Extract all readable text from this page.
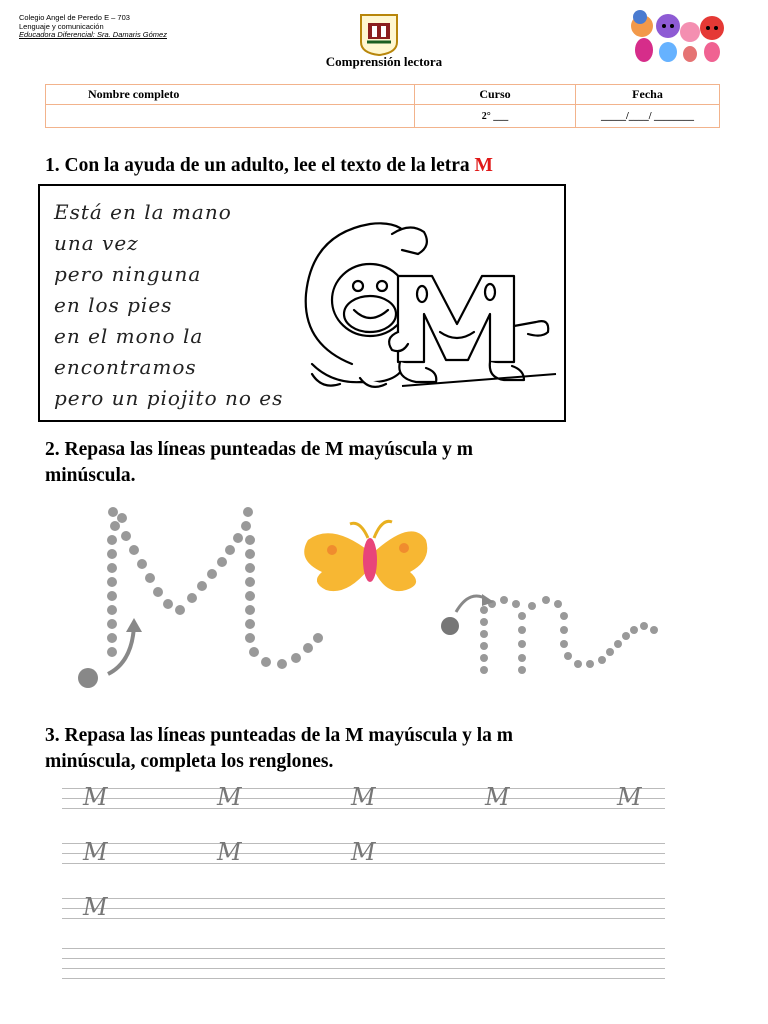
Colegio Angel de Peredo E – 703
Lenguaje y comunicación
Educadora Diferencial: Sra. Damaris Gómez
Comprensión lectora
Nombre completo	Curso	Fecha
	2° ___	_____/____/ ________
1. Con la ayuda de un adulto, lee el texto de la letra M
Está en la mano
una vez
pero ninguna
en los pies
en el mono la
encontramos
pero un piojito no es
2. Repasa las líneas punteadas de M mayúscula y m
minúscula.
3. Repasa las líneas punteadas de la M mayúscula y la m
minúscula, completa los renglones.
M	M	M	M	M
M	M	M
M
